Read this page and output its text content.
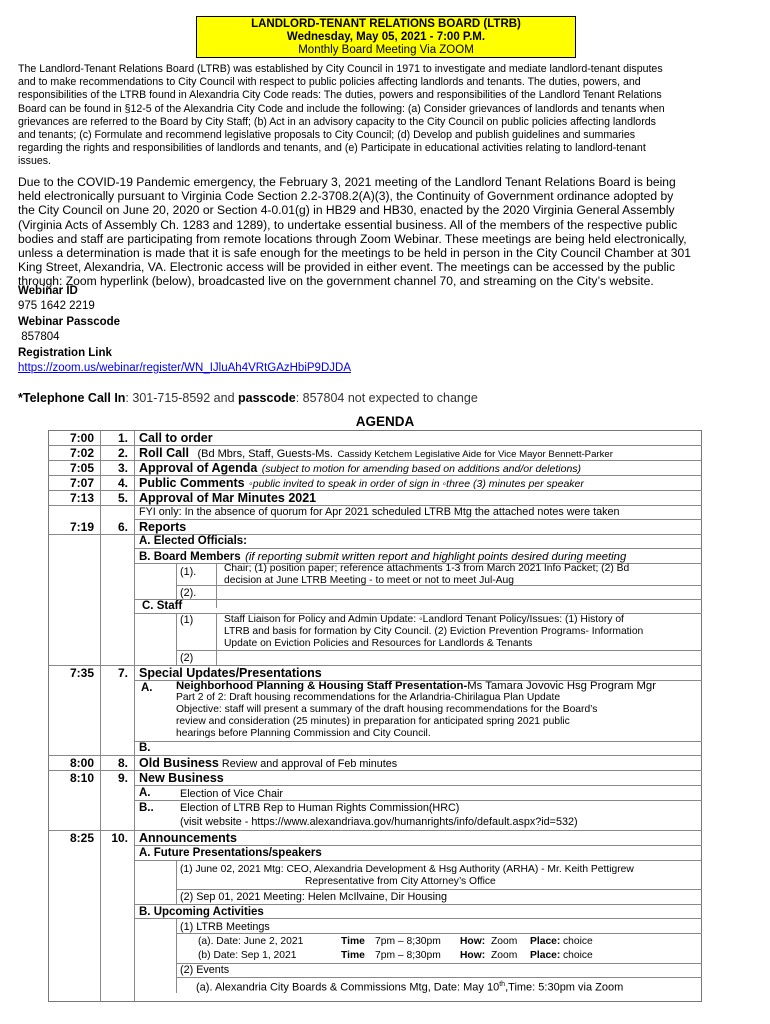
LANDLORD-TENANT RELATIONS BOARD (LTRB)
Wednesday, May 05, 2021 - 7:00 P.M.
Monthly Board Meeting Via ZOOM
The Landlord-Tenant Relations Board (LTRB) was established by City Council in 1971 to investigate and mediate landlord-tenant disputes
and to make recommendations to City Council with respect to public policies affecting landlords and tenants. The duties, powers, and
responsibilities of the LTRB found in Alexandria City Code reads: The duties, powers and responsibilities of the Landlord Tenant Relations
Board can be found in §12-5 of the Alexandria City Code and include the following: (a) Consider grievances of landlords and tenants when
grievances are referred to the Board by City Staff; (b) Act in an advisory capacity to the City Council on public policies affecting landlords
and tenants; (c) Formulate and recommend legislative proposals to City Council; (d) Develop and publish guidelines and summaries
regarding the rights and responsibilities of landlords and tenants, and (e) Participate in educational activities relating to landlord-tenant
issues.
Due to the COVID-19 Pandemic emergency, the February 3, 2021 meeting of the Landlord Tenant Relations Board is being
held electronically pursuant to Virginia Code Section 2.2-3708.2(A)(3), the Continuity of Government ordinance adopted by
the City Council on June 20, 2020 or Section 4-0.01(g) in HB29 and HB30, enacted by the 2020 Virginia General Assembly
(Virginia Acts of Assembly Ch. 1283 and 1289), to undertake essential business. All of the members of the respective public
bodies and staff are participating from remote locations through Zoom Webinar. These meetings are being held electronically,
unless a determination is made that it is safe enough for the meetings to be held in person in the City Council Chamber at 301
King Street, Alexandria, VA. Electronic access will be provided in either event. The meetings can be accessed by the public
through: Zoom hyperlink (below), broadcasted live on the government channel 70, and streaming on the City’s website.
Webinar ID
975 1642 2219
Webinar Passcode
857804
Registration Link
https://zoom.us/webinar/register/WN_IJluAh4VRtGAzHbiP9DJDA
*Telephone Call In: 301-715-8592 and passcode: 857804 not expected to change
AGENDA
7:00	1. Call to order
7:02	2. Roll Call (Bd Mbrs, Staff, Guests-Ms. Cassidy Ketchem Legislative Aide for Vice Mayor Bennett-Parker
7:05	3. Approval of Agenda (subject to motion for amending based on additions and/or deletions)
7:07	4. Public Comments ◦public invited to speak in order of sign in ◦three (3) minutes per speaker
7:13	5. Approval of Mar Minutes 2021
FYI only: In the absence of quorum for Apr 2021 scheduled LTRB Mtg the attached notes were taken
7:19	6. Reports
A. Elected Officials:
B. Board Members (if reporting submit written report and highlight points desired during meeting
(1).	Chair; (1) position paper; reference attachments 1-3 from March 2021 Info Packet; (2) Bd
decision at June LTRB Meeting - to meet or not to meet Jul-Aug
(2).
C. Staff
(1)	Staff Liaison for Policy and Admin Update: ◦Landlord Tenant Policy/Issues: (1) History of
LTRB and basis for formation by City Council. (2) Eviction Prevention Programs- Information
Update on Eviction Policies and Resources for Landlords & Tenants
(2)
7:35	7. Special Updates/Presentations
A. Neighborhood Planning & Housing Staff Presentation-Ms Tamara Jovovic Hsg Program Mgr
Part 2 of 2: Draft housing recommendations for the Arlandria-Chirilagua Plan Update
Objective: staff will present a summary of the draft housing recommendations for the Board’s
review and consideration (25 minutes) in preparation for anticipated spring 2021 public
hearings before Planning Commission and City Council.
B.
8:00	8. Old Business Review and approval of Feb minutes
8:10	9. New Business
A.	Election of Vice Chair
B.. Election of LTRB Rep to Human Rights Commission(HRC)
(visit website - https://www.alexandriava.gov/humanrights/info/default.aspx?id=532)
8:25	10. Announcements
A. Future Presentations/speakers
(1) June 02, 2021 Mtg: CEO, Alexandria Development & Hsg Authority (ARHA) - Mr. Keith Pettigrew
Representative from City Attorney’s Office
(2) Sep 01, 2021 Meeting: Helen McIlvaine, Dir Housing
B. Upcoming Activities
(1) LTRB Meetings
(a). Date: June 2, 2021	Time 7pm – 8;30pm How: Zoom Place: choice
(b) Date: Sep 1, 2021	Time 7pm – 8;30pm How: Zoom Place: choice
(2) Events
(a). Alexandria City Boards & Commissions Mtg, Date: May 10th,Time: 5:30pm via Zoom
